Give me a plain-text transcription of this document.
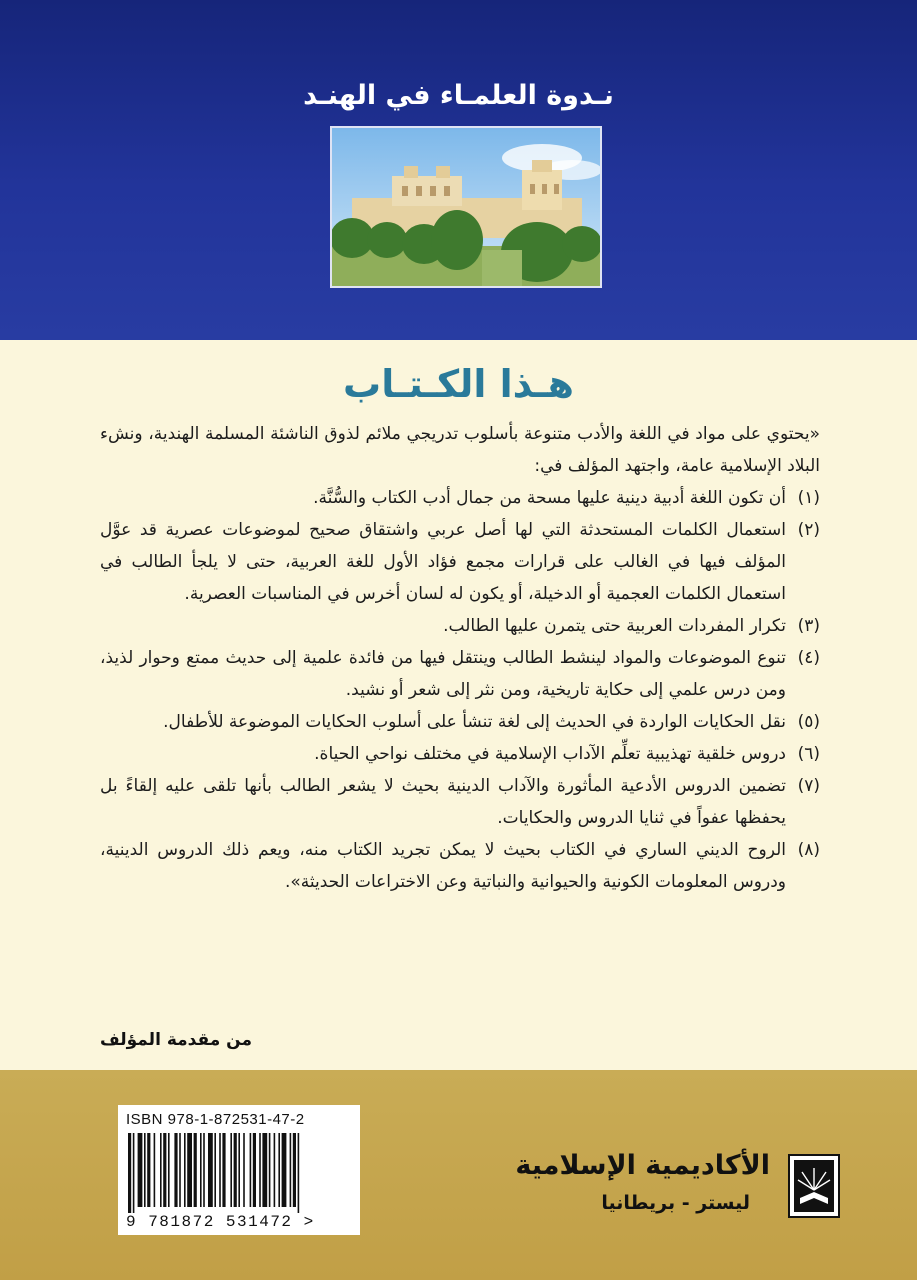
نـدوة العلمـاء في الهنـد
هـذا الكـتـاب

«يحتوي على مواد في اللغة والأدب متنوعة بأسلوب تدريجي ملائم لذوق الناشئة المسلمة الهندية، ونشء البلاد الإسلامية عامة، واجتهد المؤلف في:

(١)
أن تكون اللغة أدبية دينية عليها مسحة من جمال أدب الكتاب والسُّنَّة.
(٢)
استعمال الكلمات المستحدثة التي لها أصل عربي واشتقاق صحيح لموضوعات عصرية قد عوَّل المؤلف فيها في الغالب على قرارات مجمع فؤاد الأول للغة العربية، حتى لا يلجأ الطالب في استعمال الكلمات العجمية أو الدخيلة، أو يكون له لسان أخرس في المناسبات العصرية.
(٣)
تكرار المفردات العربية حتى يتمرن عليها الطالب.
(٤)
تنوع الموضوعات والمواد لينشط الطالب وينتقل فيها من فائدة علمية إلى حديث ممتع وحوار لذيذ، ومن درس علمي إلى حكاية تاريخية، ومن نثر إلى شعر أو نشيد.
(٥)
نقل الحكايات الواردة في الحديث إلى لغة تنشأ على أسلوب الحكايات الموضوعة للأطفال.
(٦)
دروس خلقية تهذيبية تعلِّم الآداب الإسلامية في مختلف نواحي الحياة.
(٧)
تضمين الدروس الأدعية المأثورة والآداب الدينية بحيث لا يشعر الطالب بأنها تلقى عليه إلقاءً بل يحفظها عفواً في ثنايا الدروس والحكايات.
(٨)
الروح الديني الساري في الكتاب بحيث لا يمكن تجريد الكتاب منه، ويعم ذلك الدروس الدينية، ودروس المعلومات الكونية والحيوانية والنباتية وعن الاختراعات الحديثة».
من مقدمة المؤلف
ISBN 978-1-872531-47-2
9 781872 531472 >
الأكاديمية الإسلامية
ليستر - بريطانيا
